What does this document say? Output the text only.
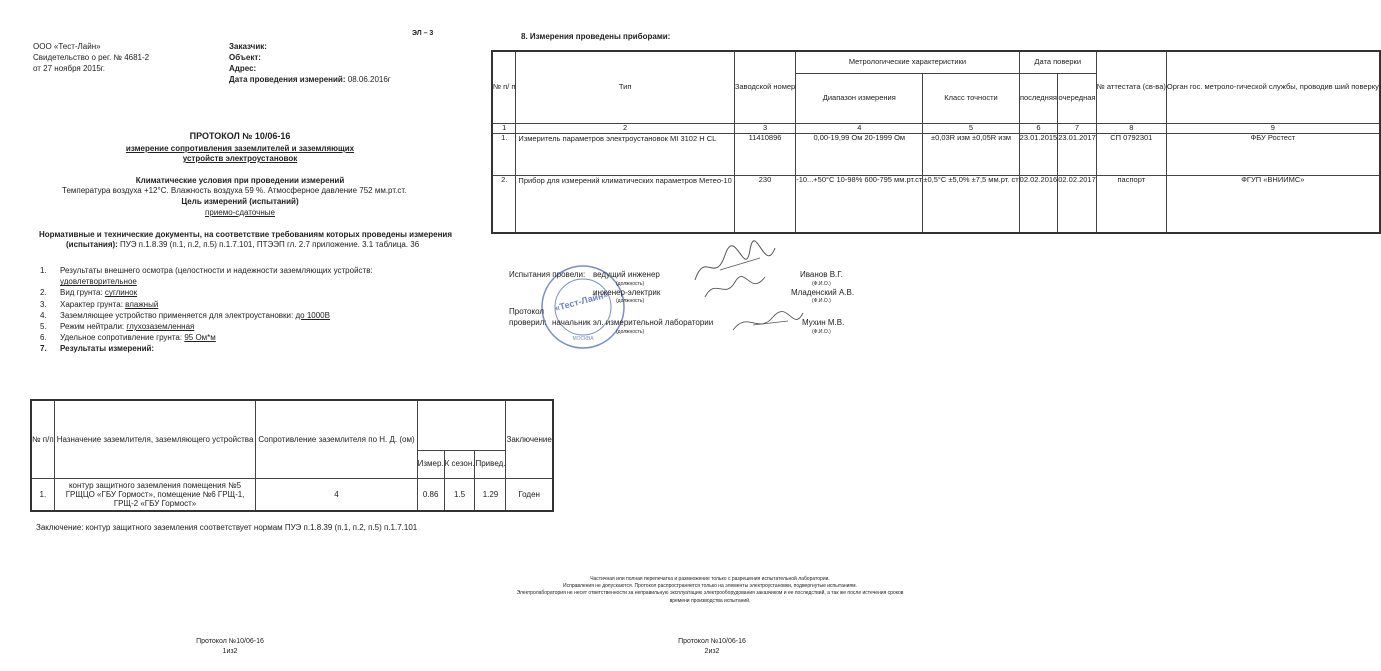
ЭЛ – 3
ООО «Тест-Лайн»
Свидетельство о рег. № 4681-2
от 27 ноября 2015г.
Заказчик:
Объект:
Адрес:
Дата проведения измерений: 08.06.2016г
ПРОТОКОЛ № 10/06-16
измерение сопротивления заземлителей и заземляющих
устройств электроустановок
Климатические условия при проведении измерений
Температура воздуха +12°С. Влажность воздуха 59 %. Атмосферное давление 752 мм.рт.ст.
Цель измерений (испытаний)
приемо-сдаточные
Нормативные и технические документы, на соответствие требованиям которых проведены измерения
(испытания): ПУЭ п.1.8.39 (п.1, п.2, п.5) п.1.7.101, ПТЭЭП гл. 2.7 приложение. 3.1 таблица. 36
1. Результаты внешнего осмотра (целостности и надежности заземляющих устройств:
удовлетворительное
2. Вид грунта: суглинок
3. Характер грунта: влажный
4. Заземляющее устройство применяется для электроустановки: до 1000В
5. Режим нейтрали: глухозаземленная
6. Удельное сопротивление грунта: 95 Ом*м
7. Результаты измерений:
№ п/п	Назначение заземлителя, заземляющего устройства	Сопротивление заземлителя по Н. Д. (ом)				Заключение
			Измер.	К сезон.	Привед.	
1.	контур защитного заземления помещения №5 ГРЩЦО «ГБУ Гормост», помещение №6 ГРЩ-1, ГРЩ-2 «ГБУ Гормост»	4	0.86	1.5	1.29	Годен
Заключение: контур защитного заземления соответствует нормам ПУЭ п.1.8.39 (п.1, п.2, п.5) п.1.7.101
Протокол №10/06-16
1из2
8. Измерения проведены приборами:
№ п/ п	Тип	Заводской номер	Метрологические характеристики		Дата поверки		№ аттестата (св-ва)	Орган гос. метроло-гической службы, проводив ший поверку
			Диапазон измерения	Класс точности	последняя	очередная		
1	2	3	4	5	6	7	8	9
1.	Измеритель параметров электроустановок MI 3102 H CL	11410896	0,00-19,99 Ом 20-1999 Ом	±0,03R изм ±0,05R изм	23.01.2015	23.01.2017	СП 0792301	ФБУ Ростест
2.	Прибор для измерений климатических параметров Метео-10	230	-10...+50°С 10-98% 600-795 мм.рт.ст	±0,5°С ±5,0% ±7,5 мм.рт. ст	02.02.2016	02.02.2017	паспорт	ФГУП «ВНИИМС»
«Тест-Лайн»
МОСКВА
Испытания провели: ведущий инженер
(должность)
Иванов В.Г.
(Ф.И.О.)
инженер-электрик
(должность)
Младенский А.В.
(Ф.И.О.)
Протокол
проверил: начальник эл. измерительной лаборатории
(должность)
Мухин М.В.
(Ф.И.О.)
Частичная или полная перепечатка и размножение только с разрешения испытательной лаборатории.
Исправления не допускаются. Протокол распространяется только на элементы электроустановки, подвергнутые испытаниям.
Электролаборатория не несет ответственности за неправильную эксплуатацию электрооборудования заказчиком и ее последствий, а так же после истечения сроков
времени производства испытаний.
Протокол №10/06-16
2из2
